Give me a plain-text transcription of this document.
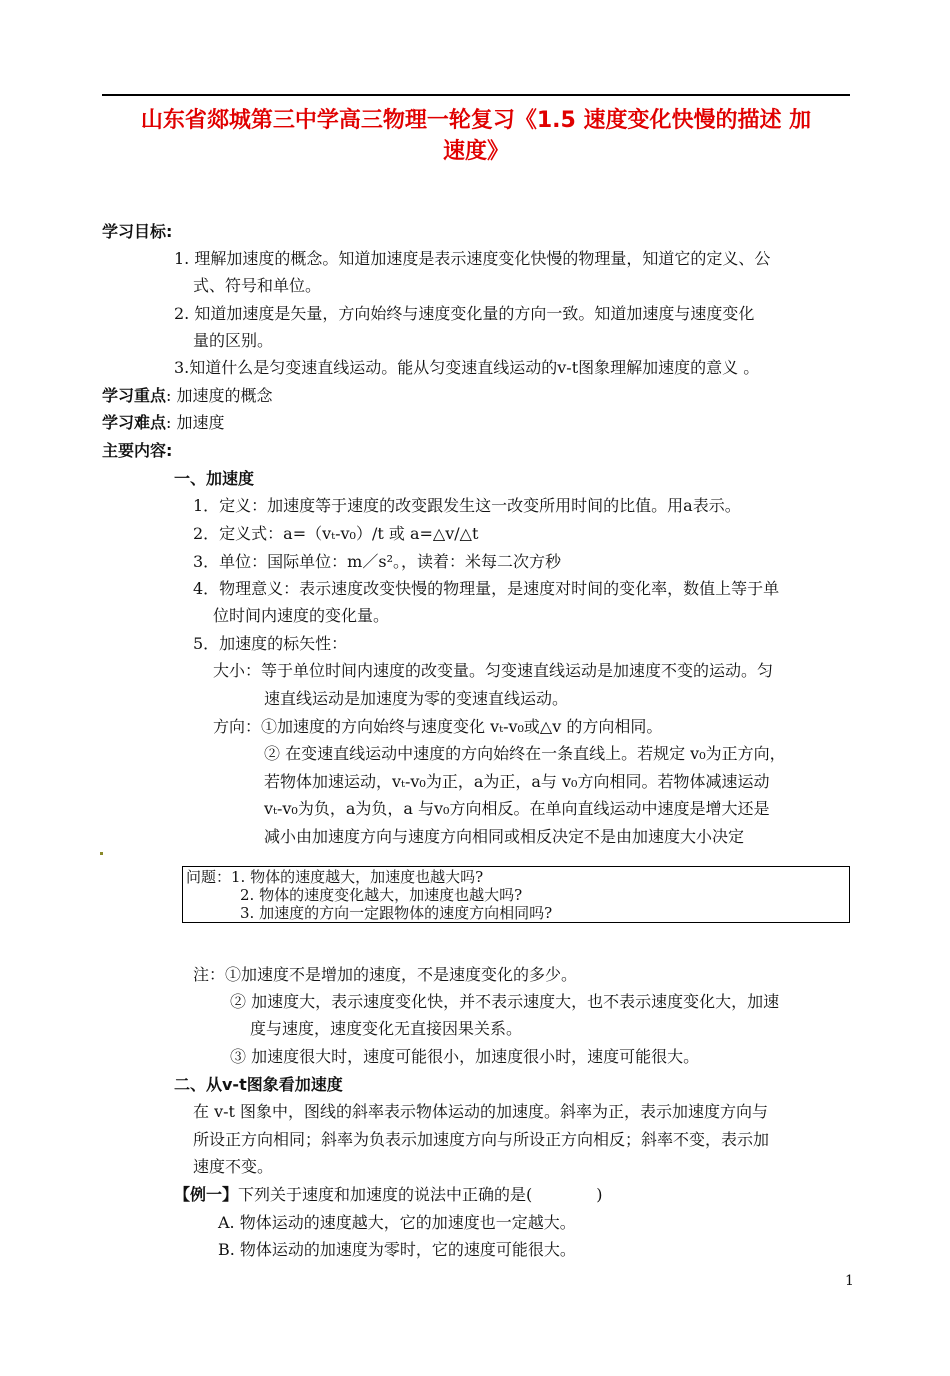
山东省郯城第三中学高三物理一轮复习《1.5 速度变化快慢的描述 加
速度》
学习目标:
1. 理解加速度的概念。知道加速度是表示速度变化快慢的物理量，知道它的定义、公
式、符号和单位。
2. 知道加速度是矢量，方向始终与速度变化量的方向一致。知道加速度与速度变化
量的区别。
3.知道什么是匀变速直线运动。能从匀变速直线运动的v-t图象理解加速度的意义 。
学习重点: 加速度的概念
学习难点: 加速度
主要内容:
一、加速度
1．定义：加速度等于速度的改变跟发生这一改变所用时间的比值。用a表示。
2．定义式：a=（vₜ-v₀）/t 或 a=△v/△t
3．单位：国际单位：m／s²。，读着：米每二次方秒
4．物理意义：表示速度改变快慢的物理量，是速度对时间的变化率，数值上等于单
位时间内速度的变化量。
5．加速度的标矢性：
大小：等于单位时间内速度的改变量。匀变速直线运动是加速度不变的运动。匀
速直线运动是加速度为零的变速直线运动。
方向：①加速度的方向始终与速度变化 vₜ-v₀或△v 的方向相同。
② 在变速直线运动中速度的方向始终在一条直线上。若规定 v₀为正方向，
若物体加速运动，vₜ-v₀为正，a为正，a与 v₀方向相同。若物体减速运动
vₜ-v₀为负，a为负，a 与v₀方向相反。在单向直线运动中速度是增大还是
减小由加速度方向与速度方向相同或相反决定不是由加速度大小决定
问题：1. 物体的速度越大，加速度也越大吗?
2. 物体的速度变化越大，加速度也越大吗?
3. 加速度的方向一定跟物体的速度方向相同吗?
注：①加速度不是增加的速度，不是速度变化的多少。
② 加速度大，表示速度变化快，并不表示速度大，也不表示速度变化大，加速
度与速度，速度变化无直接因果关系。
③ 加速度很大时，速度可能很小，加速度很小时，速度可能很大。
二、从v-t图象看加速度
在 v-t 图象中，图线的斜率表示物体运动的加速度。斜率为正，表示加速度方向与
所设正方向相同；斜率为负表示加速度方向与所设正方向相反；斜率不变，表示加
速度不变。
【例一】下列关于速度和加速度的说法中正确的是(　　　　)
A. 物体运动的速度越大，它的加速度也一定越大。
B. 物体运动的加速度为零时，它的速度可能很大。
1
